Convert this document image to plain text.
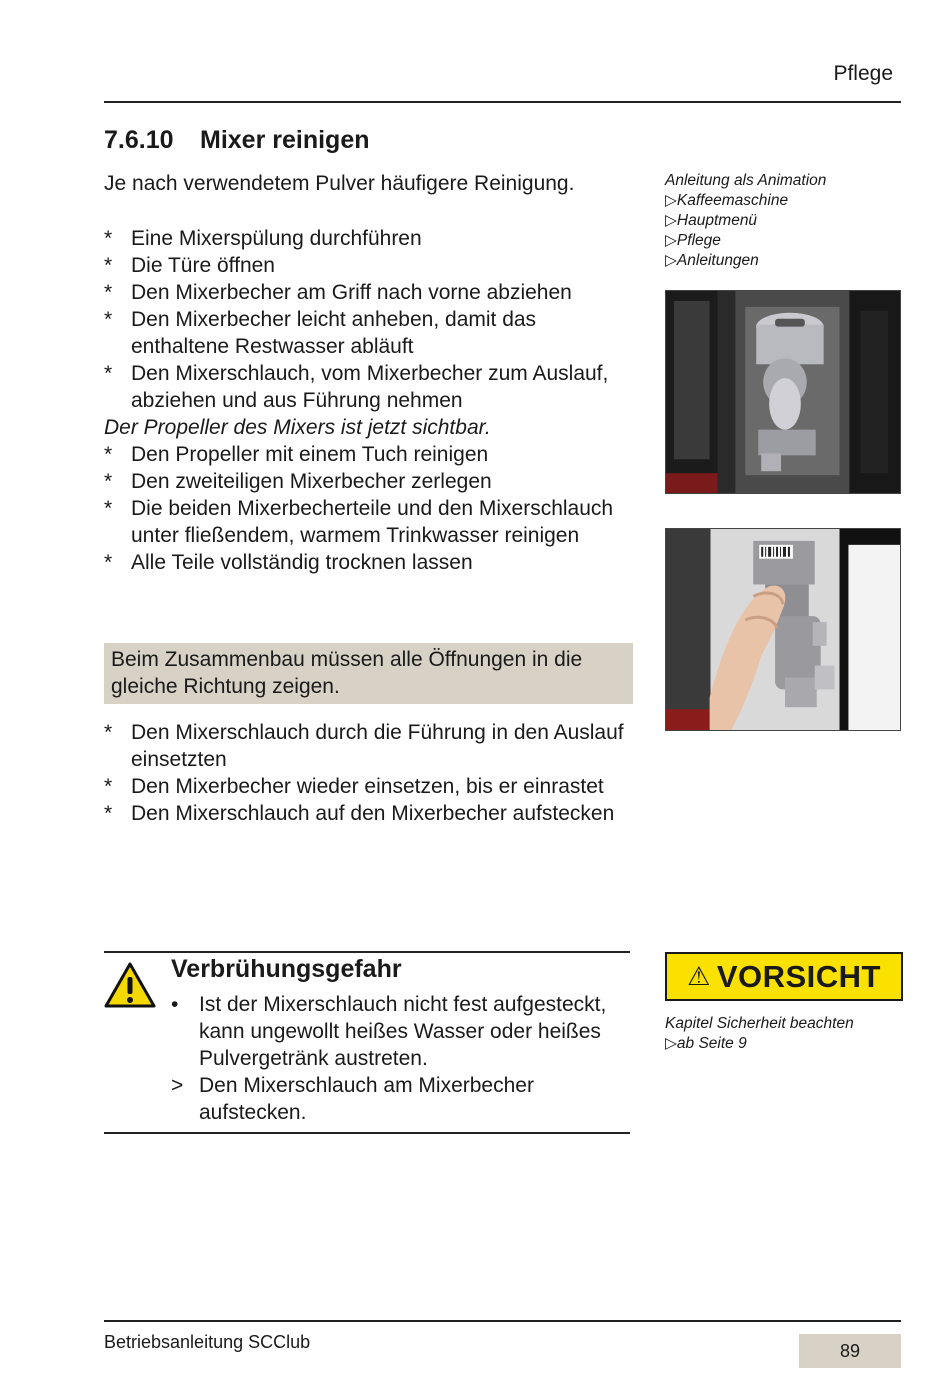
Pflege
7.6.10 Mixer reinigen
Je nach verwendetem Pulver häufigere Reinigung.
* Eine Mixerspülung durchführen
* Die Türe öffnen
* Den Mixerbecher am Griff nach vorne abziehen
* Den Mixerbecher leicht anheben, damit das enthaltene Restwasser abläuft
* Den Mixerschlauch, vom Mixerbecher zum Auslauf, abziehen und aus Führung nehmen
Der Propeller des Mixers ist jetzt sichtbar.
* Den Propeller mit einem Tuch reinigen
* Den zweiteiligen Mixerbecher zerlegen
* Die beiden Mixerbecherteile und den Mixerschlauch unter fließendem, warmem Trinkwasser reinigen
* Alle Teile vollständig trocknen lassen
Beim Zusammenbau müssen alle Öffnungen in die gleiche Richtung zeigen.
* Den Mixerschlauch durch die Führung in den Auslauf einsetzten
* Den Mixerbecher wieder einsetzen, bis er einrastet
* Den Mixerschlauch auf den Mixerbecher aufstecken
Anleitung als Animation
▷Kaffeemaschine
▷Hauptmenü
▷Pflege
▷Anleitungen
Verbrühungsgefahr
• Ist der Mixerschlauch nicht fest aufgesteckt, kann ungewollt heißes Wasser oder heißes Pulvergetränk austreten.
> Den Mixerschlauch am Mixerbecher aufstecken.
⚠ VORSICHT
Kapitel Sicherheit beachten
▷ab Seite 9
Betriebsanleitung SCClub	89
